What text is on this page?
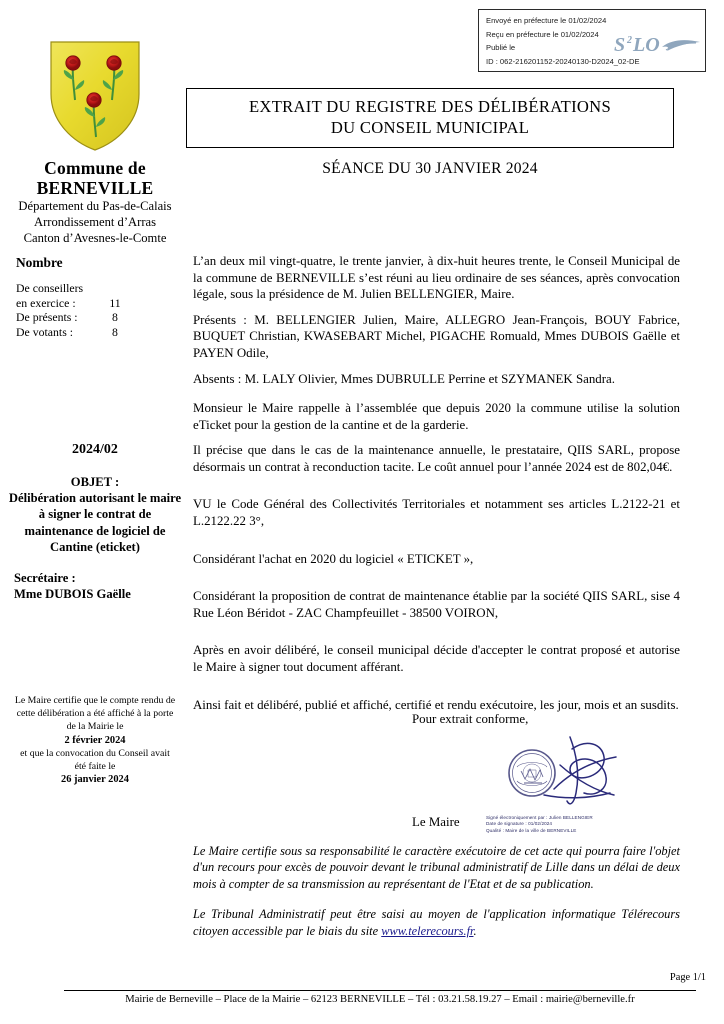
Envoyé en préfecture le 01/02/2024
Reçu en préfecture le 01/02/2024
Publié le
ID : 062-216201152-20240130-D2024_02-DE
S 2 LO
Commune de
BERNEVILLE
Département du Pas-de-Calais
Arrondissement d’Arras
Canton d’Avesnes-le-Comte
Nombre
De conseillers
en exercice :	11
De présents :	8
De votants :	8
2024/02
OBJET :
Délibération autorisant le maire à signer le contrat de maintenance de logiciel de Cantine (eticket)
Secrétaire :
Mme DUBOIS Gaëlle
Le Maire certifie que le compte rendu de cette délibération a été affiché à la porte de la Mairie le
2 février 2024
et que la convocation du Conseil avait été faite le
26 janvier 2024
EXTRAIT DU REGISTRE DES DÉLIBÉRATIONS
DU CONSEIL MUNICIPAL
SÉANCE DU 30 JANVIER 2024

L’an deux mil vingt-quatre, le trente janvier, à dix-huit heures trente, le Conseil Municipal de la commune de BERNEVILLE s’est réuni au lieu ordinaire de ses séances, après convocation légale, sous la présidence de M. Julien BELLENGIER, Maire.

Présents : M. BELLENGIER Julien, Maire, ALLEGRO Jean-François, BOUY Fabrice, BUQUET Christian, KWASEBART Michel, PIGACHE Romuald, Mmes DUBOIS Gaëlle et PAYEN Odile,

Absents : M. LALY Olivier, Mmes DUBRULLE Perrine et SZYMANEK Sandra.

Monsieur le Maire rappelle à l’assemblée que depuis 2020 la commune utilise la solution eTicket pour la gestion de la cantine et de la garderie.

Il précise que dans le cas de la maintenance annuelle, le prestataire, QIIS SARL, propose désormais un contrat à reconduction tacite. Le coût annuel pour l’année 2024 est de 802,04€.

VU le Code Général des Collectivités Territoriales et notamment ses articles L.2122-21 et L.2122.22 3°,

Considérant l'achat en 2020 du logiciel « ETICKET »,

Considérant la proposition de contrat de maintenance établie par la société QIIS SARL, sise 4 Rue Léon Béridot - ZAC Champfeuillet - 38500 VOIRON,

Après en avoir délibéré, le conseil municipal décide d'accepter le contrat proposé et autorise le Maire à signer tout document afférant.

Ainsi fait et délibéré, publié et affiché, certifié et rendu exécutoire, les jour, mois et an susdits.

Pour extrait conforme,
Le Maire	Signé électroniquement par : Julien BELLENGIER
Date de signature : 01/02/2024
Qualité : Maire de la ville de BERNEVILLE

Le Maire certifie sous sa responsabilité le caractère exécutoire de cet acte qui pourra faire l'objet d'un recours pour excès de pouvoir devant le tribunal administratif de Lille dans un délai de deux mois à compter de sa transmission au représentant de l'Etat et de sa publication.

Le Tribunal Administratif peut être saisi au moyen de l'application informatique Télérecours citoyen accessible par le biais du site www.telerecours.fr.

Page 1/1
Mairie de Berneville – Place de la Mairie – 62123 BERNEVILLE – Tél : 03.21.58.19.27 – Email : mairie@berneville.fr
